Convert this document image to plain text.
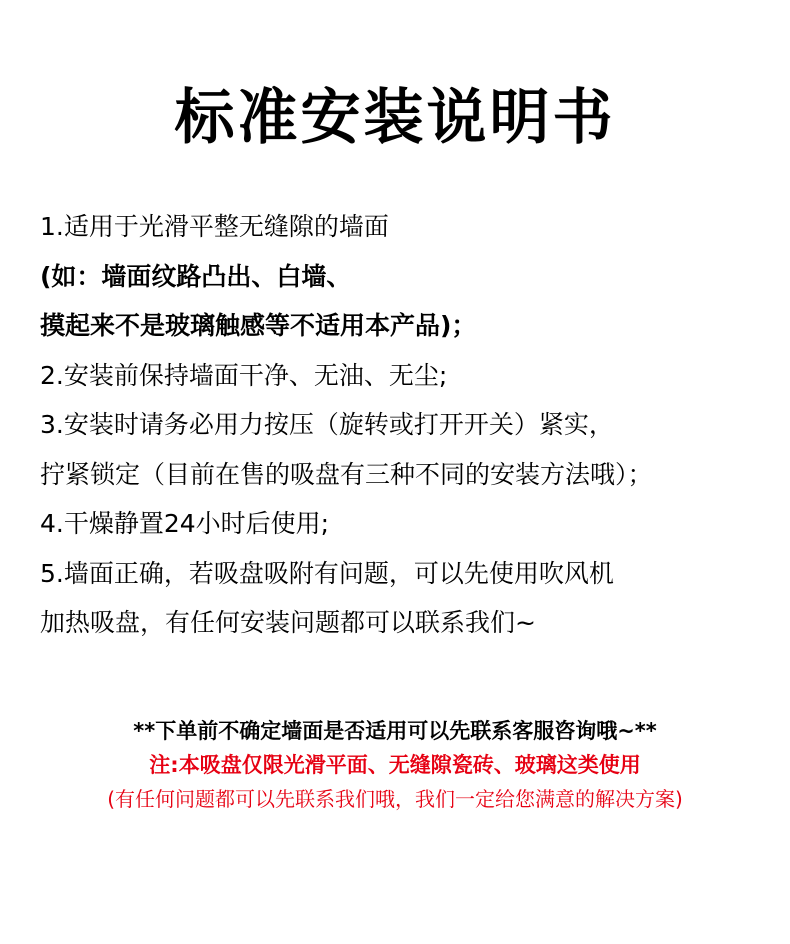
标准安装说明书
1.适用于光滑平整无缝隙的墙面
(如：墙面纹路凸出、白墙、
摸起来不是玻璃触感等不适用本产品)；
2.安装前保持墙面干净、无油、无尘;
3.安装时请务必用力按压（旋转或打开开关）紧实，
拧紧锁定（目前在售的吸盘有三种不同的安装方法哦）；
4.干燥静置24小时后使用;
5.墙面正确，若吸盘吸附有问题，可以先使用吹风机
加热吸盘，有任何安装问题都可以联系我们~
**下单前不确定墙面是否适用可以先联系客服咨询哦~**
注:本吸盘仅限光滑平面、无缝隙瓷砖、玻璃这类使用
(有任何问题都可以先联系我们哦，我们一定给您满意的解决方案)
